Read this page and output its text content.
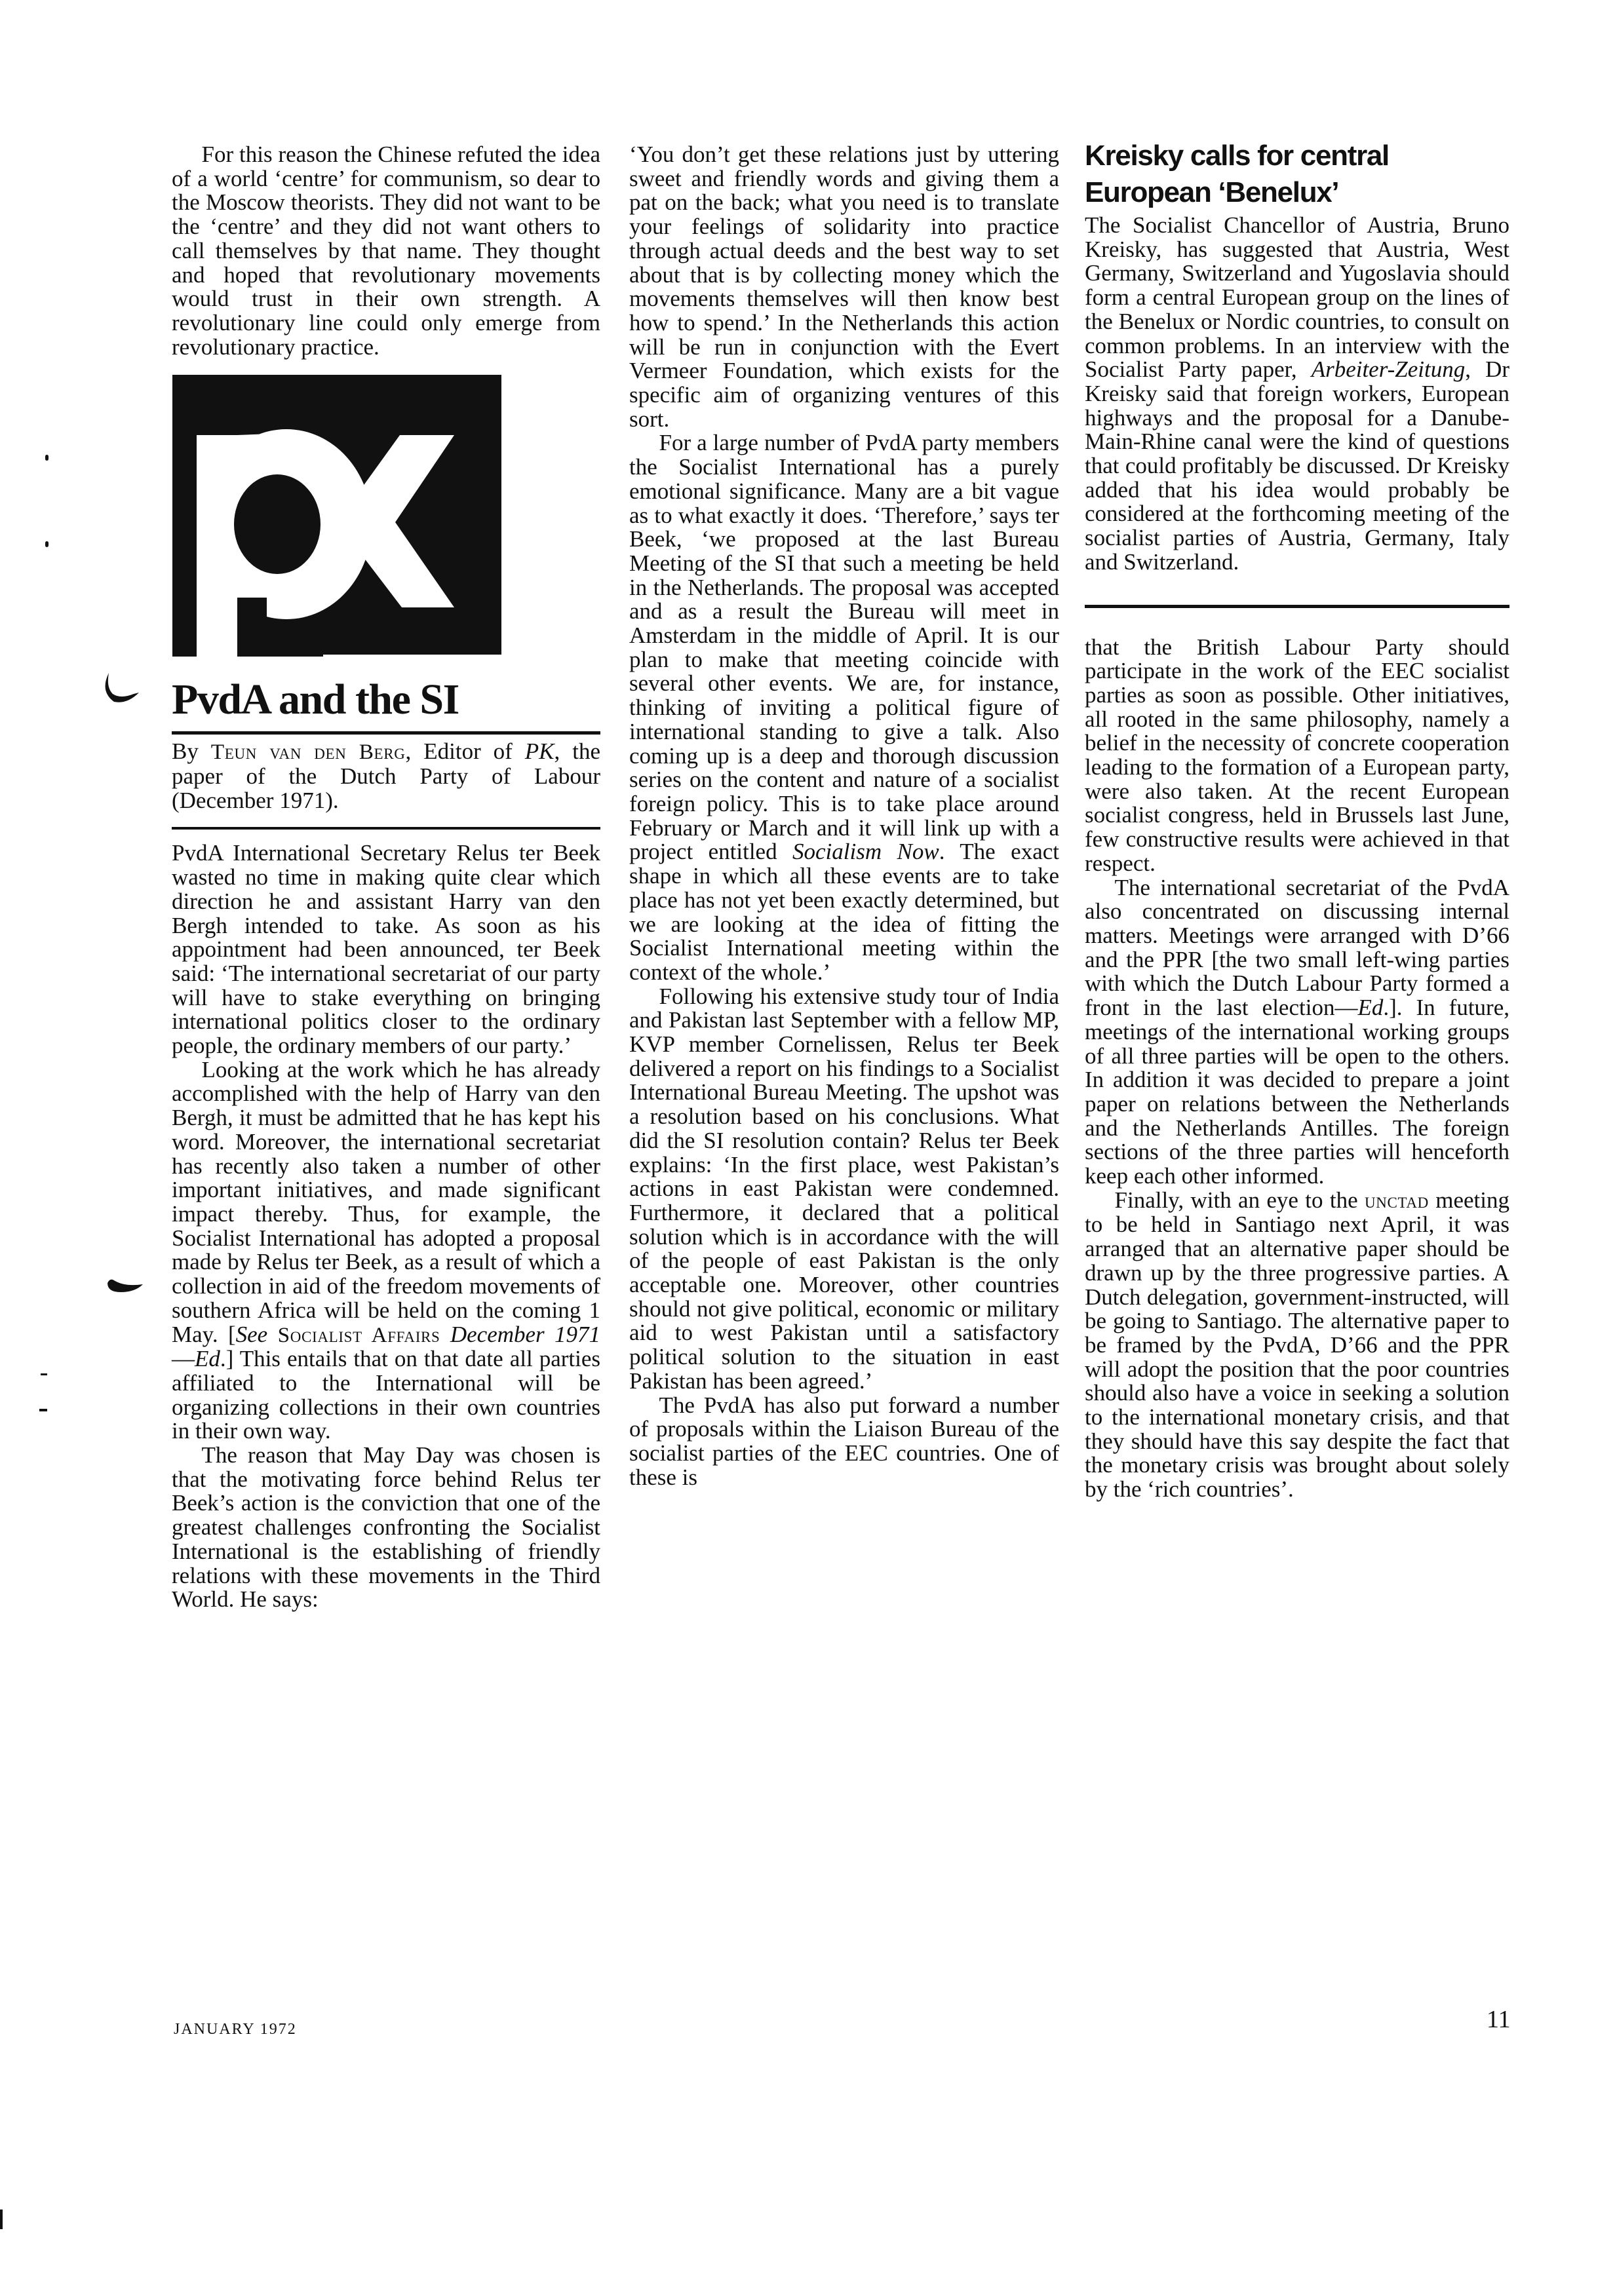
For this reason the Chinese refuted the idea of a world ‘centre’ for communism, so dear to the Moscow theorists. They did not want to be the ‘centre’ and they did not want others to call themselves by that name. They thought and hoped that revolutionary movements would trust in their own strength. A revolutionary line could only emerge from revolutionary practice.

PvdA and the SI

By Teun van den Berg, Editor of PK, the paper of the Dutch Party of Labour (December 1971).

PvdA International Secretary Relus ter Beek wasted no time in making quite clear which direction he and assistant Harry van den Bergh intended to take. As soon as his appointment had been announced, ter Beek said: ‘The international secretariat of our party will have to stake everything on bringing international politics closer to the ordinary people, the ordinary members of our party.’

Looking at the work which he has already accomplished with the help of Harry van den Bergh, it must be admitted that he has kept his word. Moreover, the international secretariat has recently also taken a number of other important initiatives, and made significant impact thereby. Thus, for example, the Socialist International has adopted a proposal made by Relus ter Beek, as a result of which a collection in aid of the freedom movements of southern Africa will be held on the coming 1 May. [See Socialist Affairs December 1971 —Ed.] This entails that on that date all parties affiliated to the International will be organizing collections in their own countries in their own way.

The reason that May Day was chosen is that the motivating force behind Relus ter Beek’s action is the conviction that one of the greatest challenges confronting the Socialist International is the establishing of friendly relations with these movements in the Third World. He says:

‘You don’t get these relations just by uttering sweet and friendly words and giving them a pat on the back; what you need is to translate your feelings of solidarity into practice through actual deeds and the best way to set about that is by collecting money which the movements themselves will then know best how to spend.’ In the Netherlands this action will be run in conjunction with the Evert Vermeer Foundation, which exists for the specific aim of organizing ventures of this sort.

For a large number of PvdA party members the Socialist International has a purely emotional significance. Many are a bit vague as to what exactly it does. ‘Therefore,’ says ter Beek, ‘we proposed at the last Bureau Meeting of the SI that such a meeting be held in the Netherlands. The proposal was accepted and as a result the Bureau will meet in Amsterdam in the middle of April. It is our plan to make that meeting coincide with several other events. We are, for instance, thinking of inviting a political figure of international standing to give a talk. Also coming up is a deep and thorough discussion series on the content and nature of a socialist foreign policy. This is to take place around February or March and it will link up with a project entitled Socialism Now. The exact shape in which all these events are to take place has not yet been exactly determined, but we are looking at the idea of fitting the Socialist International meeting within the context of the whole.’

Following his extensive study tour of India and Pakistan last September with a fellow MP, KVP member Cornelissen, Relus ter Beek delivered a report on his findings to a Socialist International Bureau Meeting. The upshot was a resolution based on his conclusions. What did the SI resolution contain? Relus ter Beek explains: ‘In the first place, west Pakistan’s actions in east Pakistan were condemned. Furthermore, it declared that a political solution which is in accordance with the will of the people of east Pakistan is the only acceptable one. Moreover, other countries should not give political, economic or military aid to west Pakistan until a satisfactory political solution to the situation in east Pakistan has been agreed.’

The PvdA has also put forward a number of proposals within the Liaison Bureau of the socialist parties of the EEC countries. One of these is

Kreisky calls for central
European ‘Benelux’

The Socialist Chancellor of Austria, Bruno Kreisky, has suggested that Austria, West Germany, Switzerland and Yugoslavia should form a central European group on the lines of the Benelux or Nordic countries, to consult on common problems. In an interview with the Socialist Party paper, Arbeiter-Zeitung, Dr Kreisky said that foreign workers, European highways and the proposal for a Danube-Main-Rhine canal were the kind of questions that could profitably be discussed. Dr Kreisky added that his idea would probably be considered at the forthcoming meeting of the socialist parties of Austria, Germany, Italy and Switzerland.

that the British Labour Party should participate in the work of the EEC socialist parties as soon as possible. Other initiatives, all rooted in the same philosophy, namely a belief in the necessity of concrete cooperation leading to the formation of a European party, were also taken. At the recent European socialist congress, held in Brussels last June, few constructive results were achieved in that respect.

The international secretariat of the PvdA also concentrated on discussing internal matters. Meetings were arranged with D’66 and the PPR [the two small left-wing parties with which the Dutch Labour Party formed a front in the last election—Ed.]. In future, meetings of the international working groups of all three parties will be open to the others. In addition it was decided to prepare a joint paper on relations between the Netherlands and the Netherlands Antilles. The foreign sections of the three parties will henceforth keep each other informed.

Finally, with an eye to the unctad meeting to be held in Santiago next April, it was arranged that an alternative paper should be drawn up by the three progressive parties. A Dutch delegation, government-instructed, will be going to Santiago. The alternative paper to be framed by the PvdA, D’66 and the PPR will adopt the position that the poor countries should also have a voice in seeking a solution to the international monetary crisis, and that they should have this say despite the fact that the monetary crisis was brought about solely by the ‘rich countries’.

JANUARY 1972	11
